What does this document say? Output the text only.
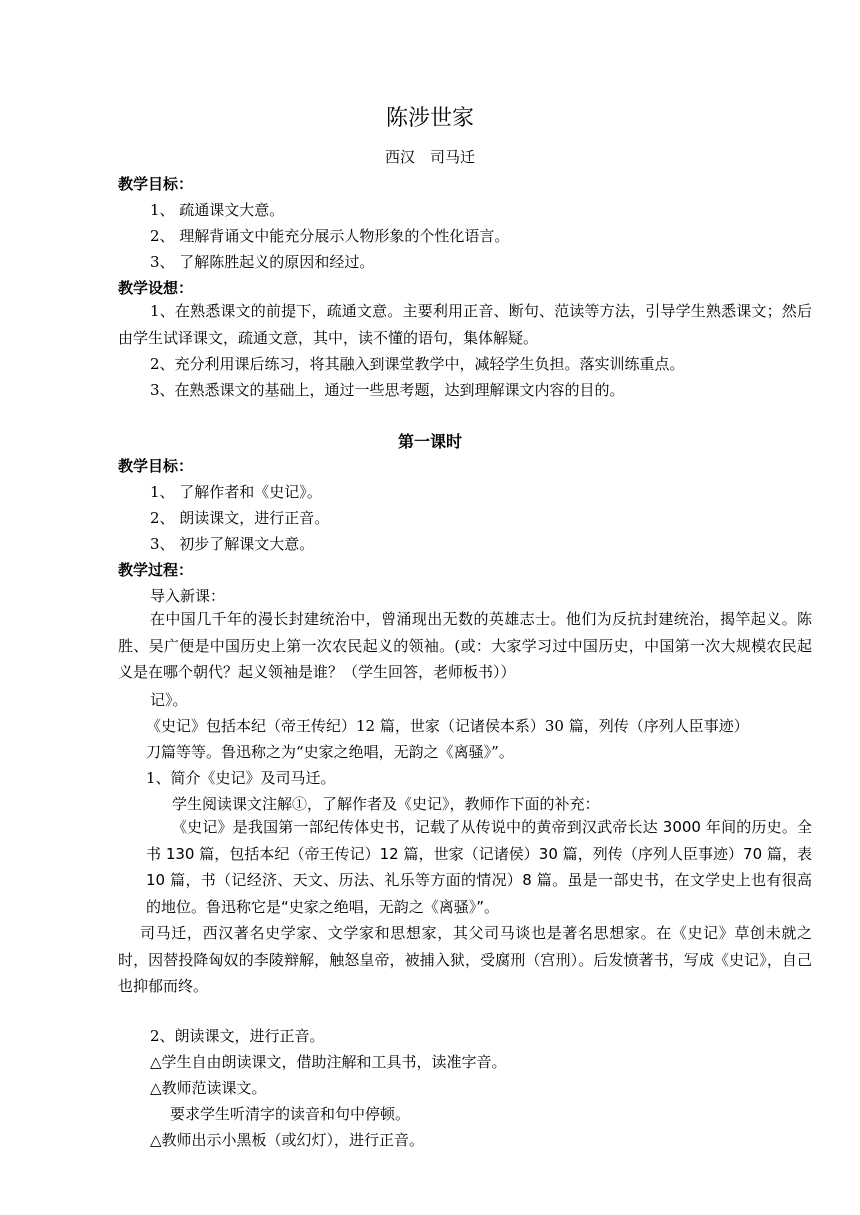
陈涉世家
西汉　司马迁
教学目标：
1、 疏通课文大意。
2、 理解背诵文中能充分展示人物形象的个性化语言。
3、 了解陈胜起义的原因和经过。
教学设想：
1、在熟悉课文的前提下，疏通文意。主要利用正音、断句、范读等方法，引导学生熟悉课文；然后由学生试译课文，疏通文意，其中，读不懂的语句，集体解疑。
2、充分利用课后练习，将其融入到课堂教学中，减轻学生负担。落实训练重点。
3、在熟悉课文的基础上，通过一些思考题，达到理解课文内容的目的。
第一课时
教学目标：
1、 了解作者和《史记》。
2、 朗读课文，进行正音。
3、 初步了解课文大意。
教学过程：
导入新课：
在中国几千年的漫长封建统治中，曾涌现出无数的英雄志士。他们为反抗封建统治，揭竿起义。陈胜、吴广便是中国历史上第一次农民起义的领袖。(或：大家学习过中国历史，中国第一次大规模农民起义是在哪个朝代？起义领袖是谁？（学生回答，老师板书））
记》。
《史记》包括本纪（帝王传纪）12 篇，世家（记诸侯本系）30 篇，列传（序列人臣事迹）
刀篇等等。鲁迅称之为“史家之绝唱，无韵之《离骚》”。
1、简介《史记》及司马迁。
学生阅读课文注解①，了解作者及《史记》，教师作下面的补充：
《史记》是我国第一部纪传体史书，记载了从传说中的黄帝到汉武帝长达 3000 年间的历史。全书 130 篇，包括本纪（帝王传记）12 篇，世家（记诸侯）30 篇，列传（序列人臣事迹）70 篇，表 10 篇，书（记经济、天文、历法、礼乐等方面的情况）8 篇。虽是一部史书，在文学史上也有很高的地位。鲁迅称它是“史家之绝唱，无韵之《离骚》”。
司马迁，西汉著名史学家、文学家和思想家，其父司马谈也是著名思想家。在《史记》草创未就之时，因替投降匈奴的李陵辩解，触怒皇帝，被捕入狱，受腐刑（宫刑）。后发愤著书，写成《史记》，自己也抑郁而终。
2、朗读课文，进行正音。
△学生自由朗读课文，借助注解和工具书，读准字音。
△教师范读课文。
要求学生听清字的读音和句中停顿。
△教师出示小黑板（或幻灯），进行正音。
